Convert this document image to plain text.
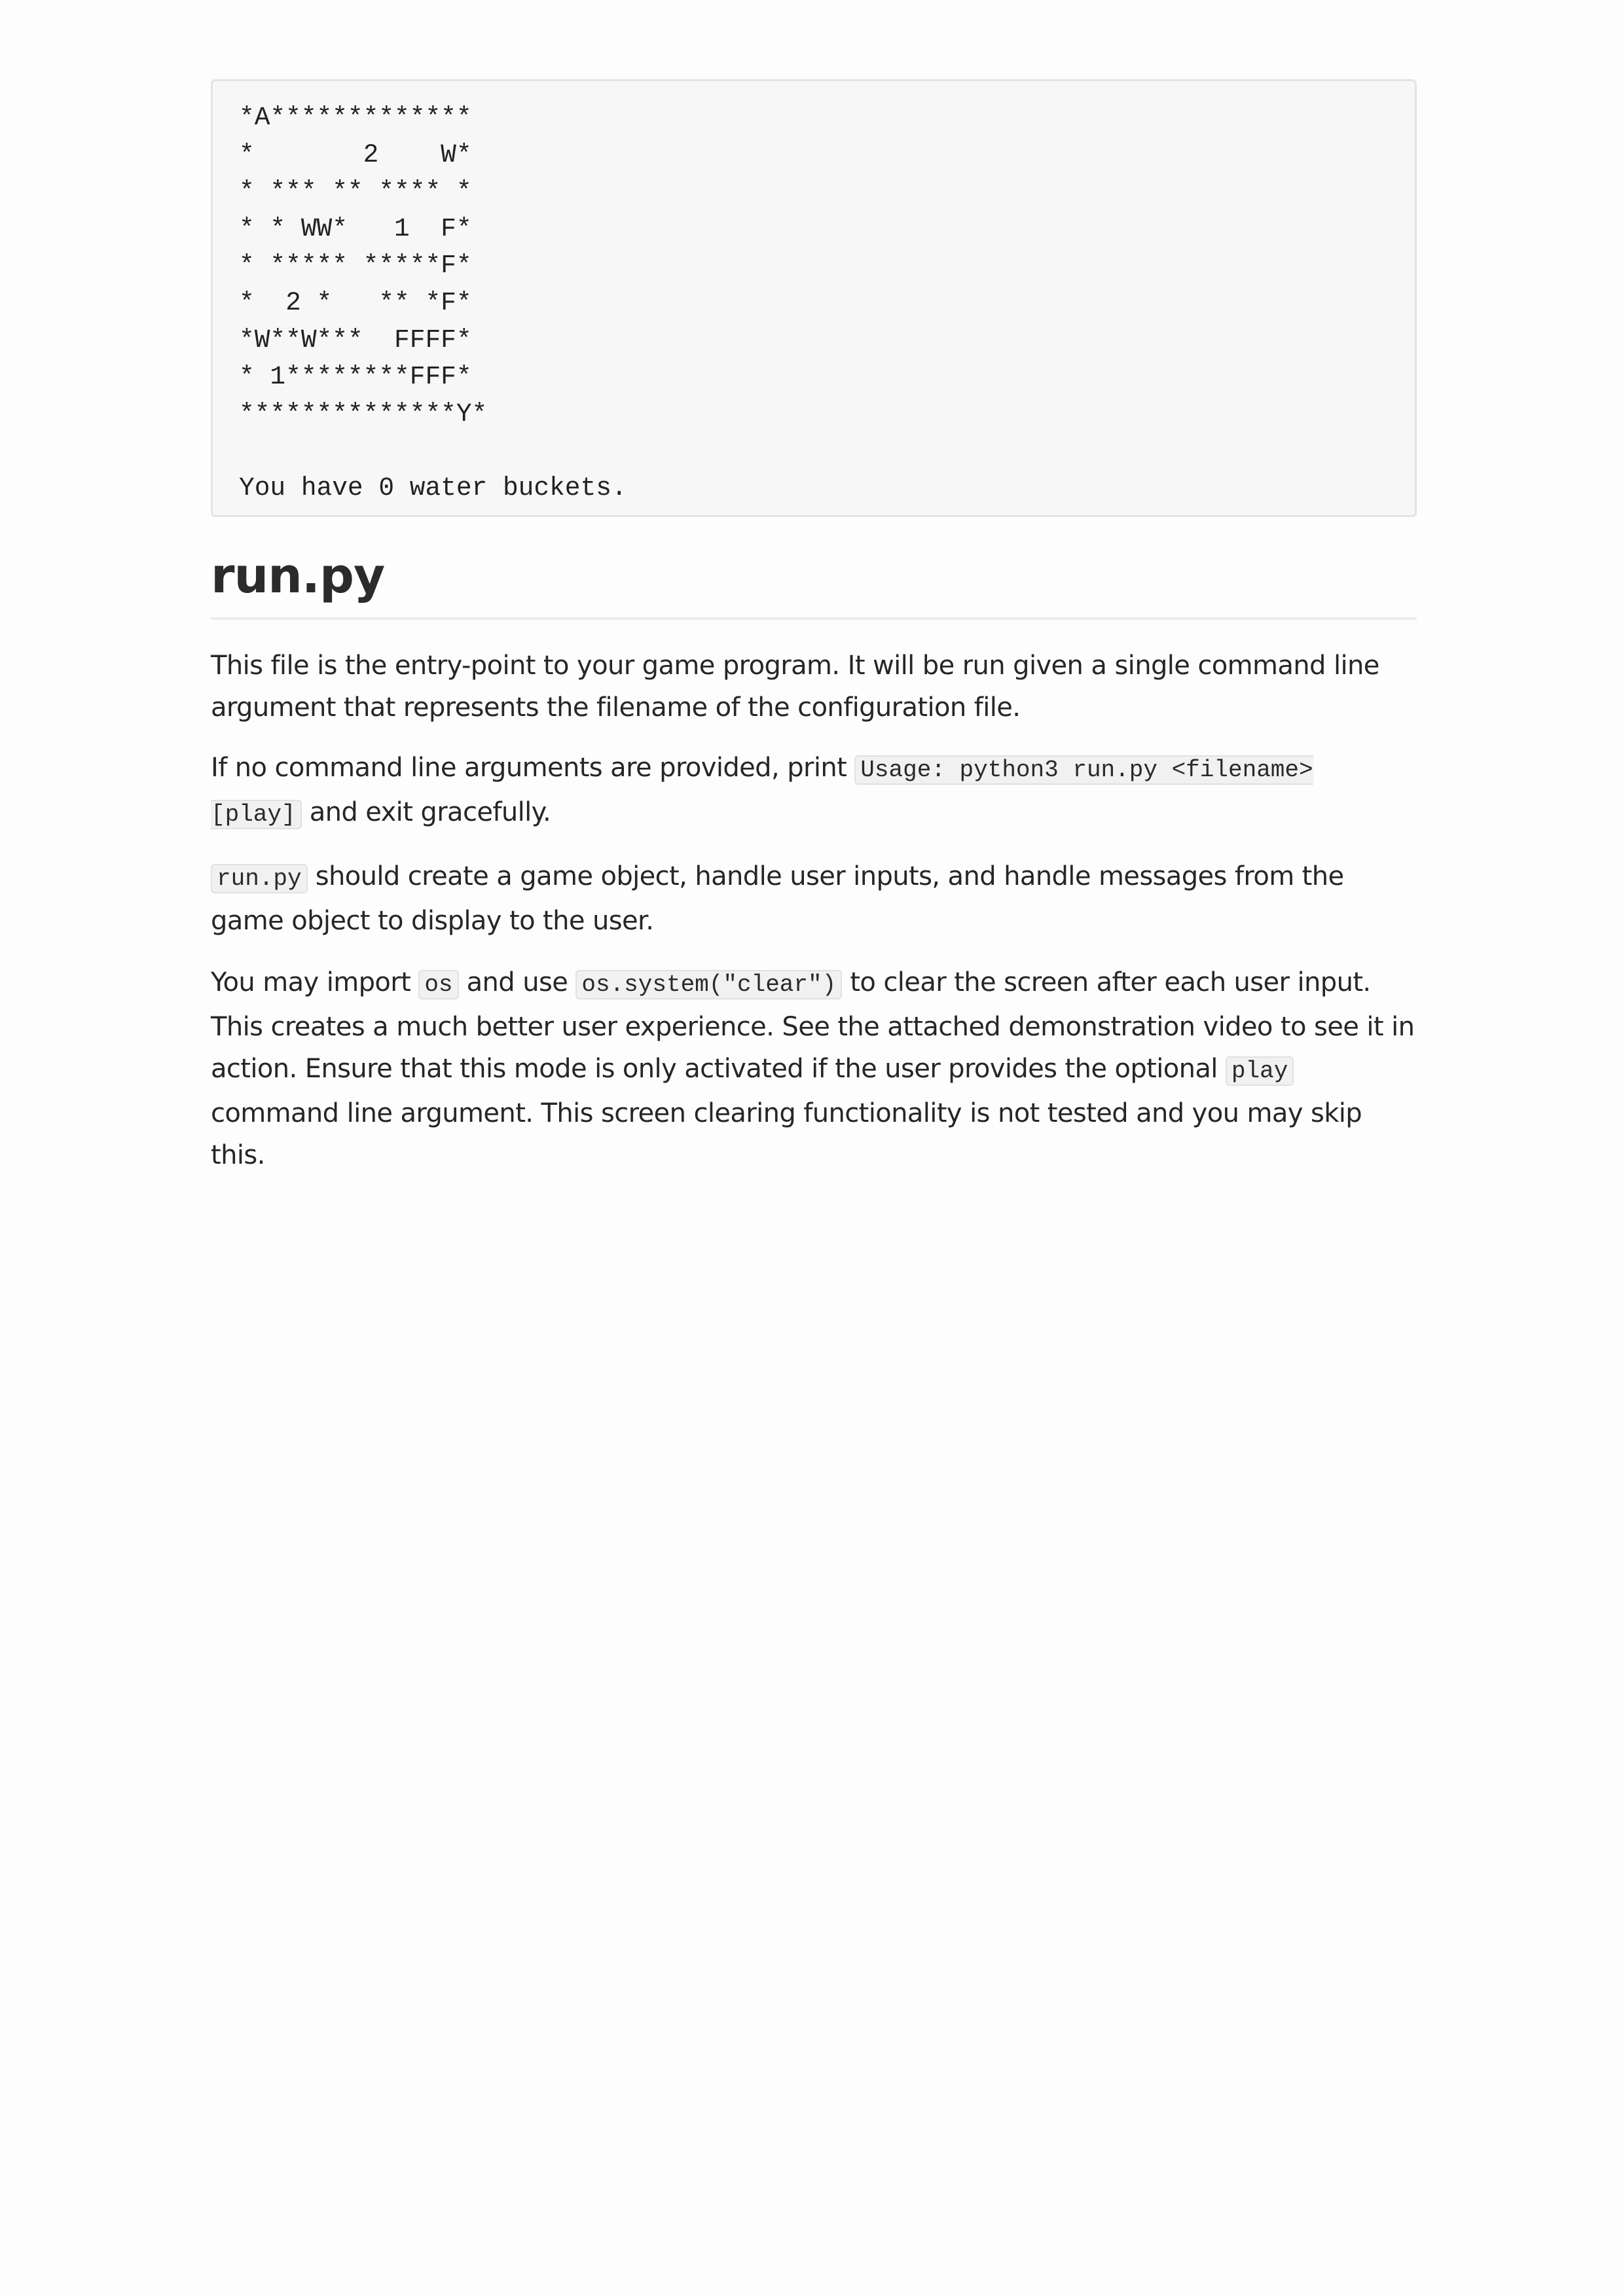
*A*************
*       2    W*
* *** ** **** *
* * WW*   1  F*
* ***** *****F*
*  2 *   ** *F*
*W**W***  FFFF*
* 1********FFF*
**************Y*

You have 0 water buckets.
run.py

This file is the entry-point to your game program. It will be run given a single command line argument that represents the filename of the configuration file.

If no command line arguments are provided, print Usage: python3 run.py <filename> [play] and exit gracefully.

run.py should create a game object, handle user inputs, and handle messages from the game object to display to the user.

You may import os and use os.system("clear") to clear the screen after each user input. This creates a much better user experience. See the attached demonstration video to see it in action. Ensure that this mode is only activated if the user provides the optional play command line argument. This screen clearing functionality is not tested and you may skip this.
